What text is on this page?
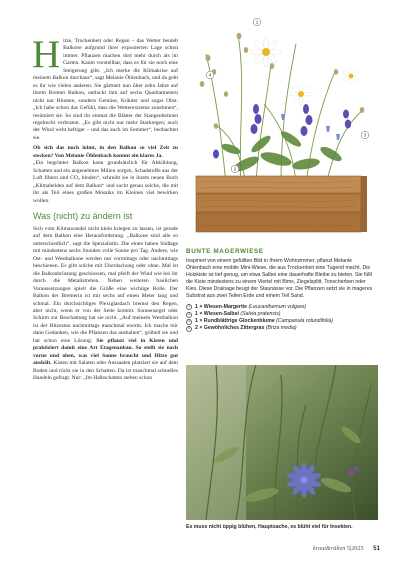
Hitze, Trockenheit oder Regen – das Wetter beutelt Balkone aufgrund ihrer exponierten Lage schon immer. Pflanzen machen dort mehr durch als im Garten. Kaum vorstellbar, dass es für sie noch eine Steigerung gibt. „Ich merke die Klimakrise auf meinem Balkon durchaus“, sagt Melanie Öhlenbach, und da geht es ihr wie vielen anderen. Sie gärtnert nun über zehn Jahre auf ihrem Bremer Balkon, entlockt ihm auf sechs Quadratmetern nicht nur Blumen, sondern Gemüse, Kräuter und sogar Obst. „Ich habe schon das Gefühl, dass die Wetterextreme zunehmen“, resümiert sie. So sind ihr einmal die Blätter der Stangenbohnen regelrecht verbrannt. „Es gibt nicht nur mehr Starkregen; auch der Wind weht heftiger – und das auch im Sommer“, beobachtet sie.

Ob sich das noch lohnt, in den Balkon so viel Zeit zu stecken? Von Melanie Öhlenbach kommt ein klares Ja.

„Ein begrünter Balkon kann grundsätzlich für Abkühlung, Schatten und ein angenehmes Milieu sorgen, Schadstoffe aus der Luft filtern und CO₂ binden“, schreibt sie in ihrem neuen Buch „Klimahelden auf dem Balkon“ und sucht genau solche, die mit ihr als Teil eines großen Mosaiks im Kleinen viel bewirken wollen.

Was (nicht) zu ändern ist

Sich vom Klimawandel nicht klein kriegen zu lassen, ist gerade auf dem Balkon eine Herausforderung. „Balkone sind alle so unterschiedlich“, sagt die Spezialistin. Die einen haben Südlage mit mindestens sechs Stunden volle Sonne pro Tag. Andere, wie Ost- und Westbalkone werden nur vormittags oder nachmittags beschienen. Es gibt solche mit Überdachung oder ohne. Mal ist die Balkonbrüstung geschlossen, mal pfeift der Wind wie bei ihr durch die Metallstreben. Neben weiteren baulichen Voraussetzungen spielt die Größe eine wichtige Rolle. Der Balkon der Bremerin ist mit sechs auf einen Meter lang und schmal. Ein durchsichtiges Plexiglasdach bremst den Regen, aber nicht, wenn er von der Seite kommt. Sonnensegel oder Schirm zur Beschattung hat sie nicht. „Auf meinem Westbalkon ist der Hitzestau nachmittags manchmal enorm. Ich mache mir dann Gedanken, wie die Pflanzen das aushalten“, grübelt sie und hat schon eine Lösung: Sie pflanzt viel in Kisten und praktiziert damit eine Art Etagenanbau. So stellt sie nach vorne und oben, was viel Sonne braucht und Hitze gut aushält. Kisten mit Salaten oder Aussaaten platziert sie auf dem Boden und rückt sie in den Schatten. Da ist manchmal schnelles Handeln gefragt. Nur: „Im Halbschatten stehen schon

1
2
3
4
BUNTE MAGERWIESE

Inspiriert von einem gefüllten Bild in Ihrem Wohnzimmer, pflanzt Melanie Öhlenbach eine mobile Mini-Wiese, die aus Trockenheit eine Tugend macht. Die Holzkiste ist tief genug, um etwa Salbei eine dauerhafte Bleibe zu bieten. Sie füllt die Kiste mindestens zu einem Viertel mit Bims, Ziegelsplitt, Tonscherben oder Kies. Diese Drainage beugt der Staunässe vor. Die Pflanzen setzt sie in mageres Substrat aus zwei Teilen Erde und einem Teil Sand.

1 1 × Wiesen-Margerite
(Leucanthemum vulgare)
2 1 × Wiesen-Salbei
(Salvia pratensis)
3 1 × Rundblättrige Glockenblume
(Campanula rotundifolia)
4 2 × Gewöhnliches Zittergras
(Briza media)
Es muss nicht üppig blühen, Hauptsache, es blüht viel für Insekten.
kraut&rüben 5|2025 51
